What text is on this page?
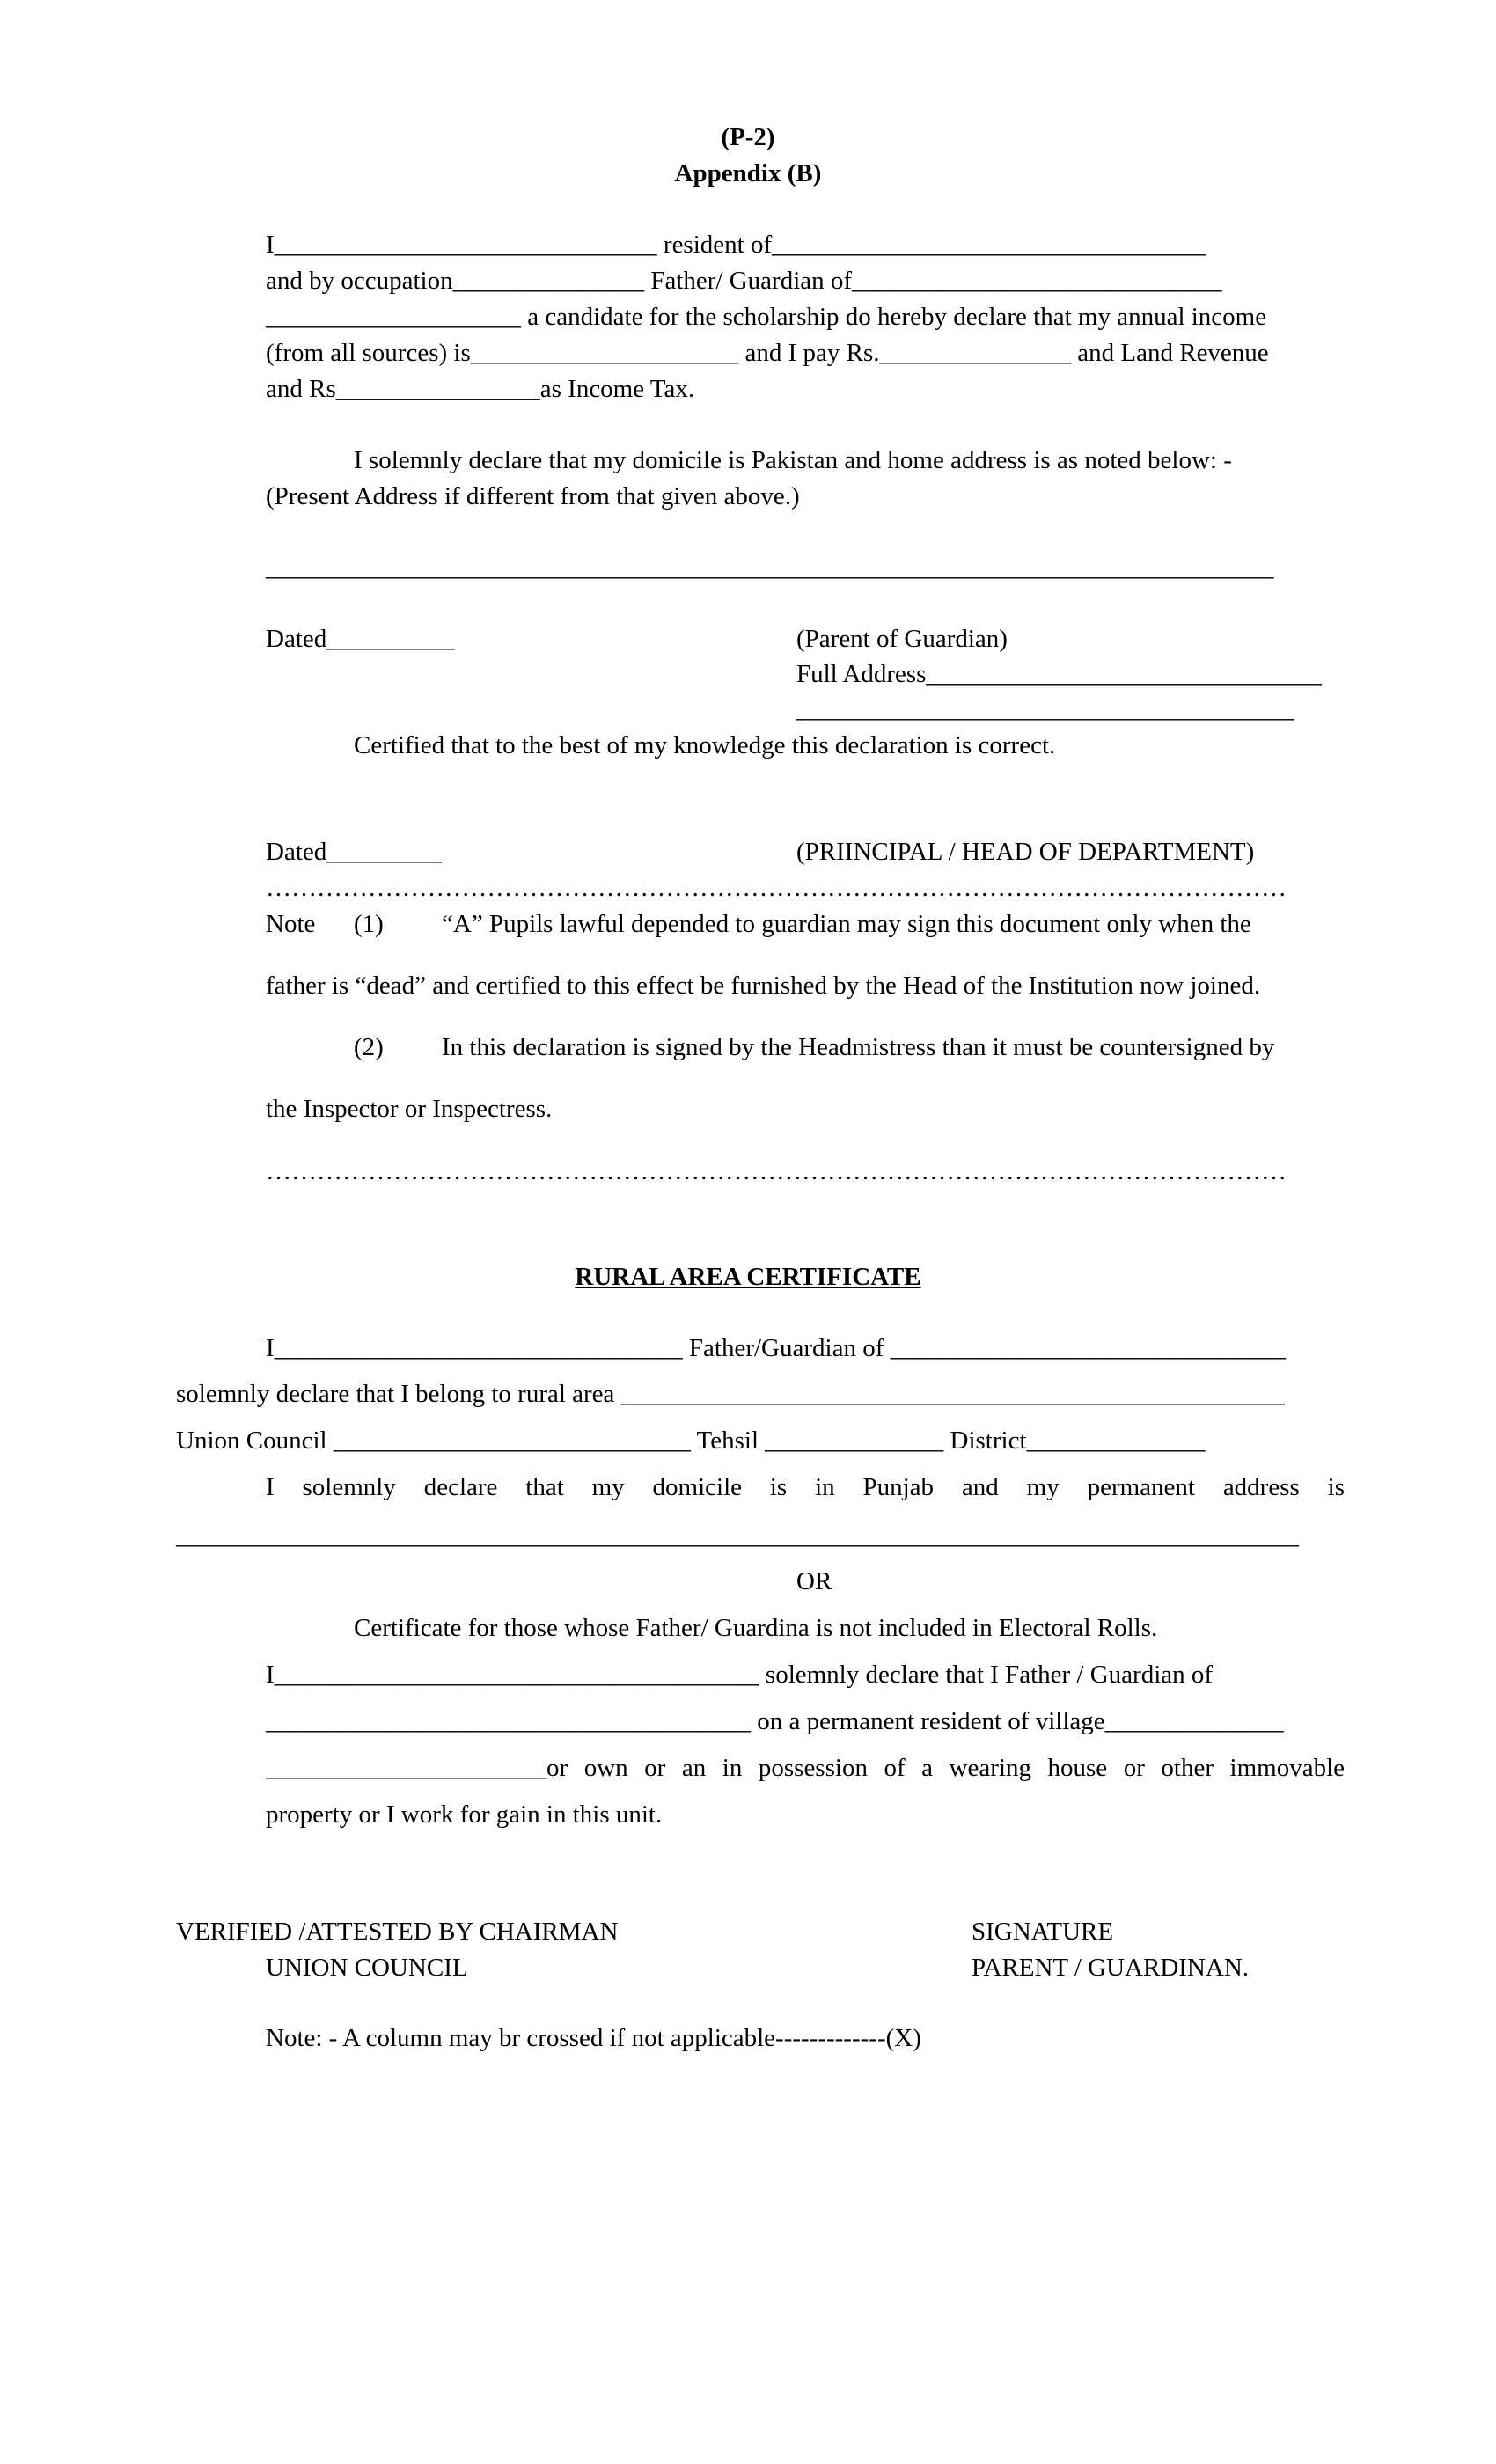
(P-2)
Appendix (B)
I______________________________ resident of__________________________________
and by occupation_______________ Father/ Guardian of_____________________________
____________________ a candidate for the scholarship do hereby declare that my annual income
(from all sources) is_____________________ and I pay Rs._______________ and Land Revenue
and Rs________________as Income Tax.
I solemnly declare that my domicile is Pakistan and home address is as noted below: -
(Present Address if different from that given above.)
_______________________________________________________________________________
Dated__________	(Parent of Guardian)
Full Address_______________________________
_______________________________________
Certified that to the best of my knowledge this declaration is correct.
Dated_________	(PRIINCIPAL / HEAD OF DEPARTMENT)
…………………………………………………………………………………………………………
Note (1) “A” Pupils lawful depended to guardian may sign this document only when the
father is “dead” and certified to this effect be furnished by the Head of the Institution now joined.
(2) In this declaration is signed by the Headmistress than it must be countersigned by
the Inspector or Inspectress.
…………………………………………………………………………………………………………
RURAL AREA CERTIFICATE
I________________________________ Father/Guardian of _______________________________
solemnly declare that I belong to rural area ____________________________________________________
Union Council ____________________________ Tehsil ______________ District______________
I solemnly declare that my domicile is in Punjab and my permanent address is
________________________________________________________________________________________
OR
Certificate for those whose Father/ Guardina is not included in Electoral Rolls.
I______________________________________ solemnly declare that I Father / Guardian of
______________________________________ on a permanent resident of village______________
______________________or own or an in possession of a wearing house or other immovable
property or I work for gain in this unit.
VERIFIED /ATTESTED BY CHAIRMAN
UNION COUNCIL
SIGNATURE
PARENT / GUARDINAN.
Note: - A column may br crossed if not applicable-------------(X)
